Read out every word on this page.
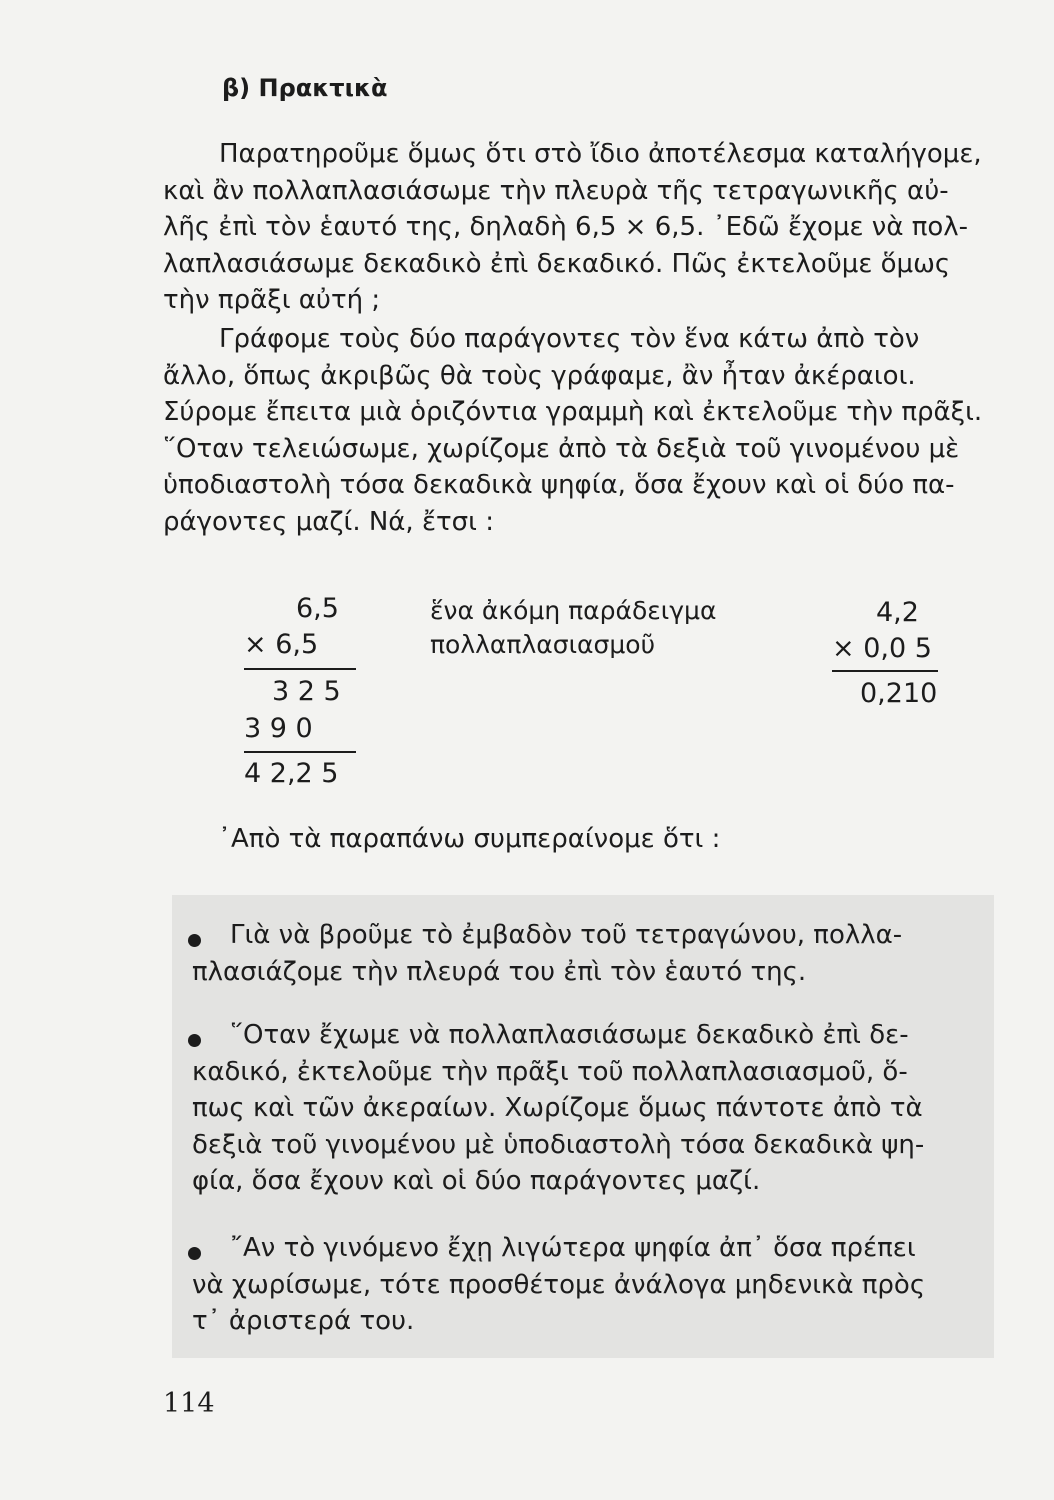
β) Πρακτικὰ

Παρατηροῦμε ὅμως ὅτι στὸ ἴδιο ἀποτέλεσμα καταλήγομε,
καὶ ἂν πολλαπλασιάσωμε τὴν πλευρὰ τῆς τετραγωνικῆς αὐ-
λῆς ἐπὶ τὸν ἑαυτό της, δηλαδὴ 6,5 × 6,5. ᾿Εδῶ ἔχομε νὰ πολ-
λαπλασιάσωμε δεκαδικὸ ἐπὶ δεκαδικό. Πῶς ἐκτελοῦμε ὅμως
τὴν πρᾶξι αὐτή ;

Γράφομε τοὺς δύο παράγοντες τὸν ἕνα κάτω ἀπὸ τὸν
ἄλλο, ὅπως ἀκριβῶς θὰ τοὺς γράφαμε, ἂν ἦταν ἀκέραιοι.
Σύρομε ἔπειτα μιὰ ὁριζόντια γραμμὴ καὶ ἐκτελοῦμε τὴν πρᾶξι.
῞Οταν τελειώσωμε, χωρίζομε ἀπὸ τὰ δεξιὰ τοῦ γινομένου μὲ
ὑποδιαστολὴ τόσα δεκαδικὰ ψηφία, ὅσα ἔχουν καὶ οἱ δύο πα-
ράγοντες μαζί. Νά, ἔτσι :

6,5
× 6,5
3 2 5
3 9 0
4 2,2 5
ἕνα ἀκόμη παράδειγμα
πολλαπλασιασμοῦ
4,2
× 0,0 5
0,210

᾿Απὸ τὰ παραπάνω συμπεραίνομε ὅτι :

Γιὰ νὰ βροῦμε τὸ ἐμβαδὸν τοῦ τετραγώνου, πολλα-
πλασιάζομε τὴν πλευρά του ἐπὶ τὸν ἑαυτό της.
῞Οταν ἔχωμε νὰ πολλαπλασιάσωμε δεκαδικὸ ἐπὶ δε-
καδικό, ἐκτελοῦμε τὴν πρᾶξι τοῦ πολλαπλασιασμοῦ, ὅ-
πως καὶ τῶν ἀκεραίων. Χωρίζομε ὅμως πάντοτε ἀπὸ τὰ
δεξιὰ τοῦ γινομένου μὲ ὑποδιαστολὴ τόσα δεκαδικὰ ψη-
φία, ὅσα ἔχουν καὶ οἱ δύο παράγοντες μαζί.
῎Αν τὸ γινόμενο ἔχῃ λιγώτερα ψηφία ἀπ᾿ ὅσα πρέπει
νὰ χωρίσωμε, τότε προσθέτομε ἀνάλογα μηδενικὰ πρὸς
τ᾿ ἀριστερά του.
114
